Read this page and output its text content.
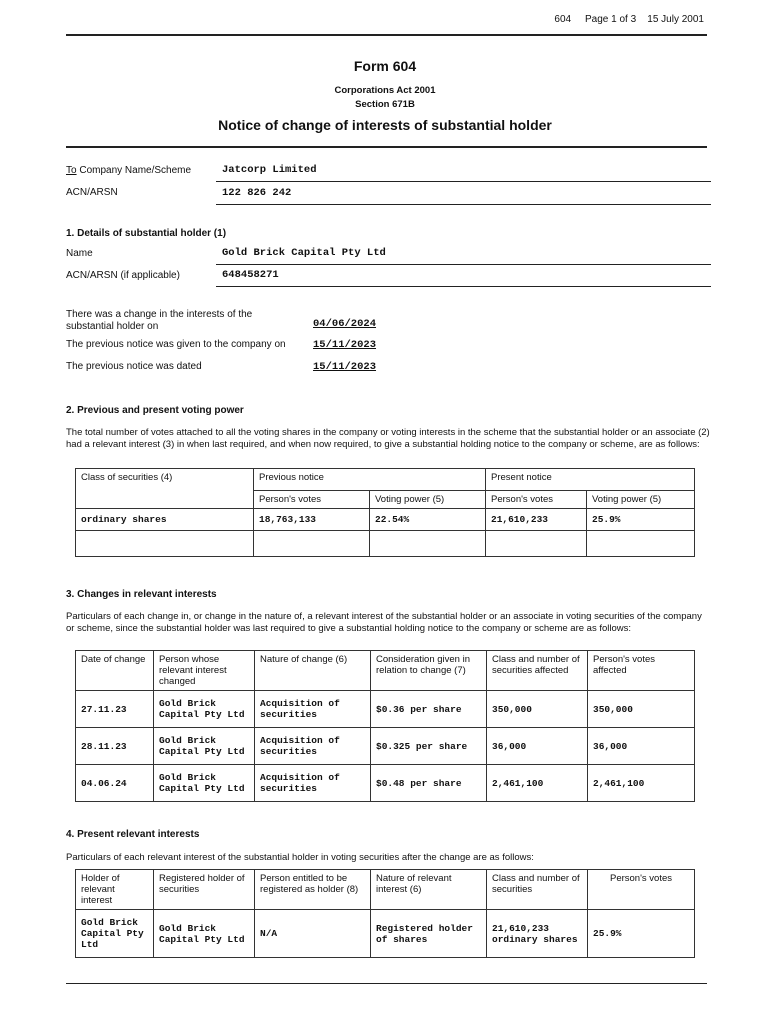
604 Page 1 of 3 15 July 2001
Form 604
Corporations Act 2001
Section 671B
Notice of change of interests of substantial holder
To Company Name/Scheme	Jatcorp Limited
ACN/ARSN	122 826 242
1. Details of substantial holder (1)
Name	Gold Brick Capital Pty Ltd
ACN/ARSN (if applicable)	648458271
There was a change in the interests of the substantial holder on	04/06/2024
The previous notice was given to the company on	15/11/2023
The previous notice was dated	15/11/2023
2. Previous and present voting power
The total number of votes attached to all the voting shares in the company or voting interests in the scheme that the substantial holder or an associate (2) had a relevant interest (3) in when last required, and when now required, to give a substantial holding notice to the company or scheme, are as follows:
Class of securities (4)	Previous notice		Present notice	
	Person's votes	Voting power (5)	Person's votes	Voting power (5)
ordinary shares	18,763,133	22.54%	21,610,233	25.9%

3. Changes in relevant interests
Particulars of each change in, or change in the nature of, a relevant interest of the substantial holder or an associate in voting securities of the company or scheme, since the substantial holder was last required to give a substantial holding notice to the company or scheme are as follows:
Date of change	Person whose relevant interest changed	Nature of change (6)	Consideration given in relation to change (7)	Class and number of securities affected	Person's votes affected
27.11.23	Gold Brick Capital Pty Ltd	Acquisition of securities	$0.36 per share	350,000	350,000
28.11.23	Gold Brick Capital Pty Ltd	Acquisition of securities	$0.325 per share	36,000	36,000
04.06.24	Gold Brick Capital Pty Ltd	Acquisition of securities	$0.48 per share	2,461,100	2,461,100
4. Present relevant interests
Particulars of each relevant interest of the substantial holder in voting securities after the change are as follows:
Holder of relevant interest	Registered holder of securities	Person entitled to be registered as holder (8)	Nature of relevant interest (6)	Class and number of securities	Person's votes
Gold Brick Capital Pty Ltd	Gold Brick Capital Pty Ltd	N/A	Registered holder of shares	21,610,233 ordinary shares	25.9%
